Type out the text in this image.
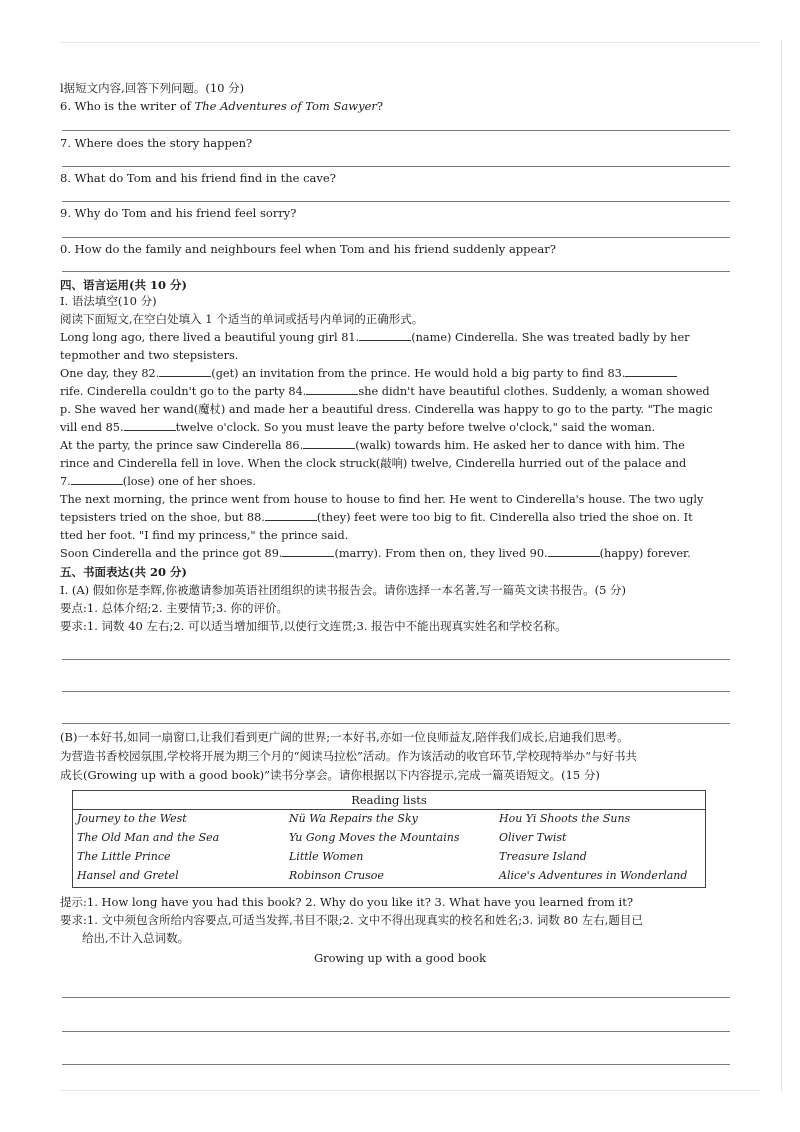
l据短文内容,回答下列问题。(10 分)
6. Who is the writer of The Adventures of Tom Sawyer?
7. Where does the story happen?
8. What do Tom and his friend find in the cave?
9. Why do Tom and his friend feel sorry?
0. How do the family and neighbours feel when Tom and his friend suddenly appear?
四、语言运用(共 10 分)
I. 语法填空(10 分)
阅读下面短文,在空白处填入 1 个适当的单词或括号内单词的正确形式。
Long long ago, there lived a beautiful young girl 81.	(name) Cinderella. She was treated badly by her
tepmother and two stepsisters.
One day, they 82.	(get) an invitation from the prince. He would hold a big party to find 83.
rife. Cinderella couldn't go to the party 84.	she didn't have beautiful clothes. Suddenly, a woman showed
p. She waved her wand(魔杖) and made her a beautiful dress. Cinderella was happy to go to the party. "The magic
vill end 85.	twelve o'clock. So you must leave the party before twelve o'clock," said the woman.
At the party, the prince saw Cinderella 86.	(walk) towards him. He asked her to dance with him. The
rince and Cinderella fell in love. When the clock struck(敲响) twelve, Cinderella hurried out of the palace and
7.	(lose) one of her shoes.
The next morning, the prince went from house to house to find her. He went to Cinderella's house. The two ugly
tepsisters tried on the shoe, but 88.	(they) feet were too big to fit. Cinderella also tried the shoe on. It
tted her foot. "I find my princess," the prince said.
Soon Cinderella and the prince got 89.	(marry). From then on, they lived 90.	(happy) forever.
五、书面表达(共 20 分)
I. (A) 假如你是李辉,你被邀请参加英语社团组织的读书报告会。请你选择一本名著,写一篇英文读书报告。(5 分)
要点:1. 总体介绍;2. 主要情节;3. 你的评价。
要求:1. 词数 40 左右;2. 可以适当增加细节,以使行文连贯;3. 报告中不能出现真实姓名和学校名称。
(B)一本好书,如同一扇窗口,让我们看到更广阔的世界;一本好书,亦如一位良师益友,陪伴我们成长,启迪我们思考。
为营造书香校园氛围,学校将开展为期三个月的“阅读马拉松”活动。作为该活动的收官环节,学校现特举办“与好书共
成长(Growing up with a good book)”读书分享会。请你根据以下内容提示,完成一篇英语短文。(15 分)
Reading lists
Journey to the West	Nü Wa Repairs the Sky	Hou Yi Shoots the Suns
The Old Man and the Sea	Yu Gong Moves the Mountains	Oliver Twist
The Little Prince	Little Women	Treasure Island
Hansel and Gretel	Robinson Crusoe	Alice's Adventures in Wonderland
提示:1. How long have you had this book? 2. Why do you like it? 3. What have you learned from it?
要求:1. 文中须包含所给内容要点,可适当发挥,书目不限;2. 文中不得出现真实的校名和姓名;3. 词数 80 左右,题目已
给出,不计入总词数。
Growing up with a good book
